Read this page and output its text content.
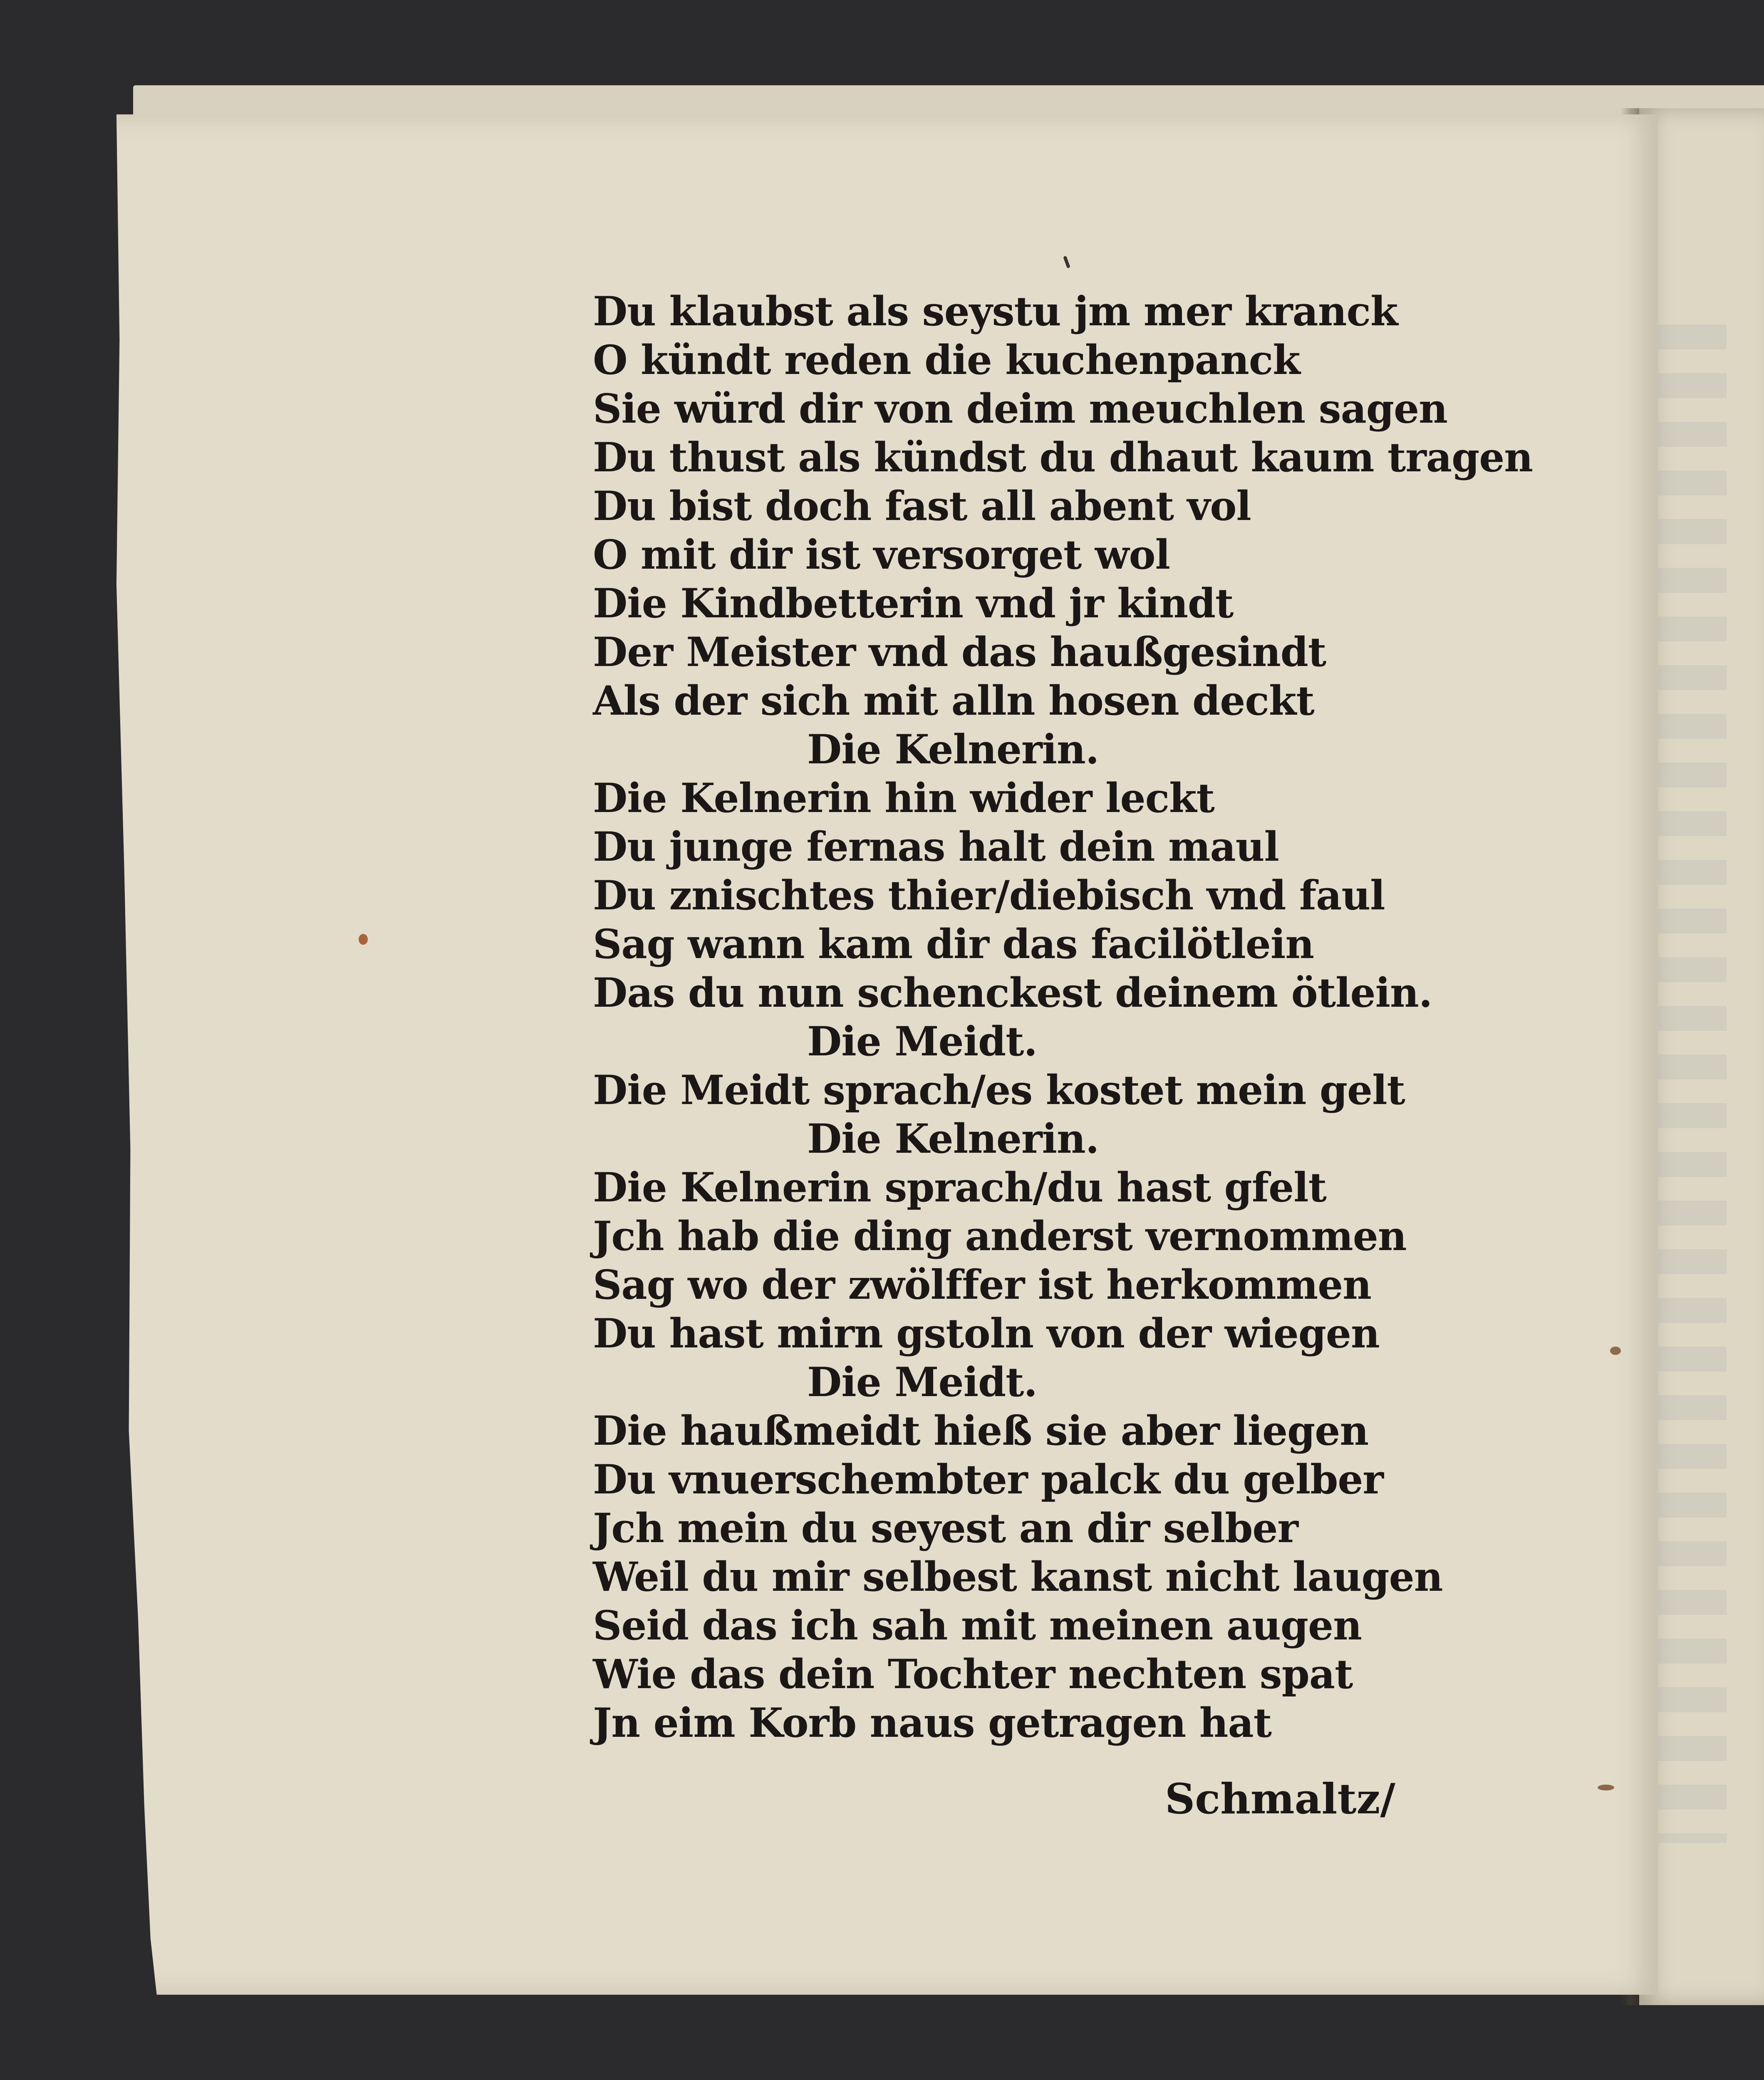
Du klaubst als seystu jm mer kranck
O kündt reden die kuchenpanck
Sie würd dir von deim meuchlen sagen
Du thust als kündst du dhaut kaum tragen
Du bist doch fast all abent vol
O mit dir ist versorget wol
Die Kindbetterin vnd jr kindt
Der Meister vnd das haußgesindt
Als der sich mit alln hosen deckt
Die Kelnerin.
Die Kelnerin hin wider leckt
Du junge fernas halt dein maul
Du znischtes thier/diebisch vnd faul
Sag wann kam dir das facilötlein
Das du nun schenckest deinem ötlein.
Die Meidt.
Die Meidt sprach/es kostet mein gelt
Die Kelnerin.
Die Kelnerin sprach/du hast gfelt
Jch hab die ding anderst vernommen
Sag wo der zwölffer ist herkommen
Du hast mirn gstoln von der wiegen
Die Meidt.
Die haußmeidt hieß sie aber liegen
Du vnuerschembter palck du gelber
Jch mein du seyest an dir selber
Weil du mir selbest kanst nicht laugen
Seid das ich sah mit meinen augen
Wie das dein Tochter nechten spat
Jn eim Korb naus getragen hat
Schmaltz/
